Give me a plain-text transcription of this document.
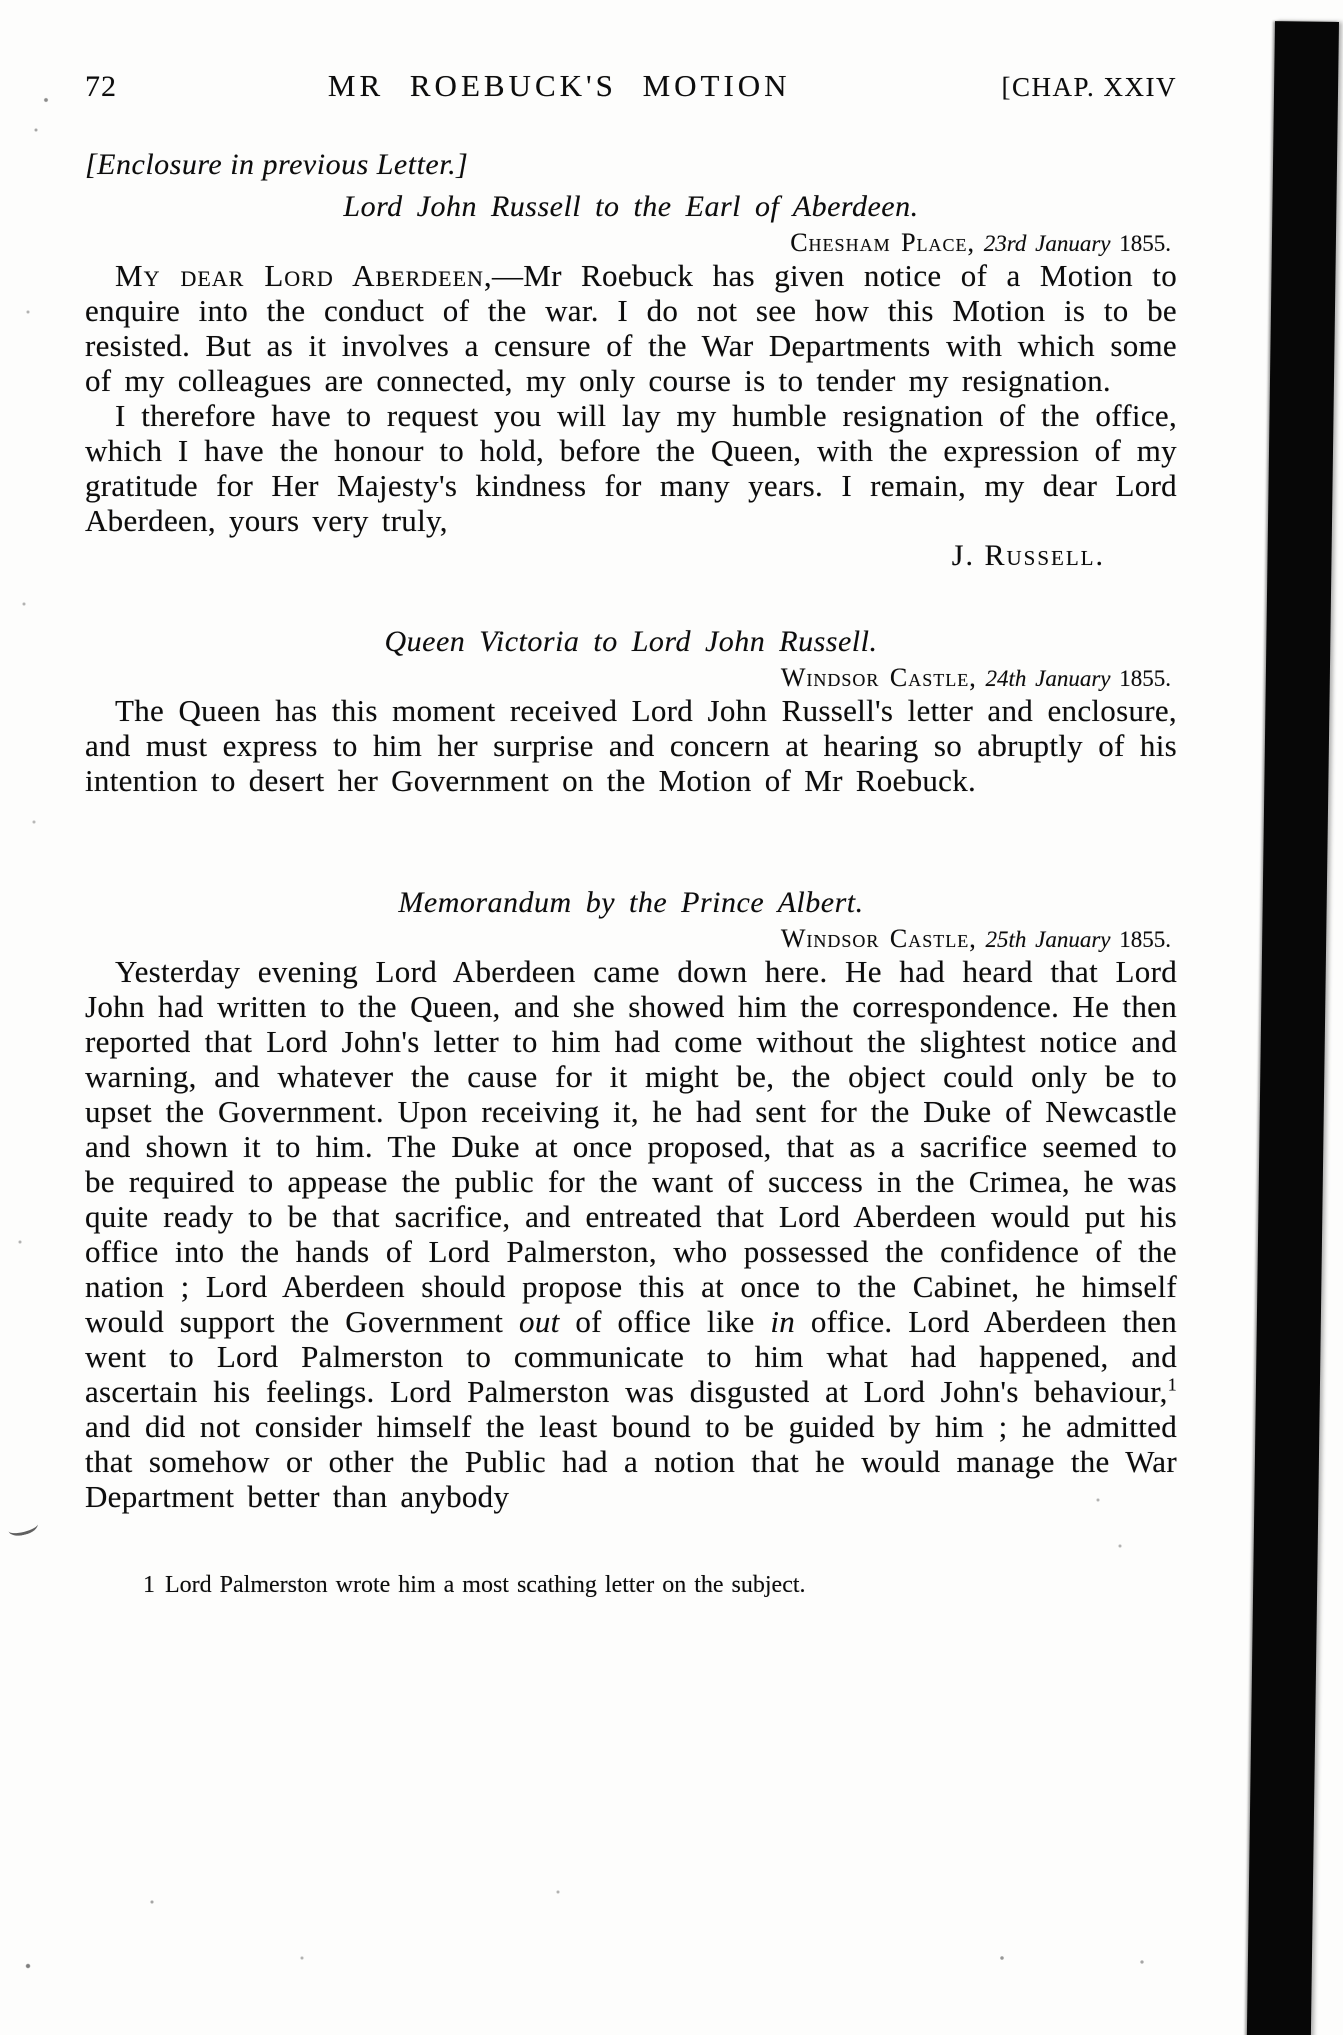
72	MR ROEBUCK'S MOTION	[CHAP. XXIV
[Enclosure in previous Letter.]
Lord John Russell to the Earl of Aberdeen.
Chesham Place, 23rd January 1855.

My dear Lord Aberdeen,—Mr Roebuck has given notice of a Motion to enquire into the conduct of the war. I do not see how this Motion is to be resisted. But as it involves a censure of the War Departments with which some of my colleagues are connected, my only course is to tender my resignation.

I therefore have to request you will lay my humble resignation of the office, which I have the honour to hold, before the Queen, with the expression of my gratitude for Her Majesty's kindness for many years. I remain, my dear Lord Aberdeen, yours very truly,

J. Russell.
Queen Victoria to Lord John Russell.
Windsor Castle, 24th January 1855.

The Queen has this moment received Lord John Russell's letter and enclosure, and must express to him her surprise and concern at hearing so abruptly of his intention to desert her Government on the Motion of Mr Roebuck.

Memorandum by the Prince Albert.
Windsor Castle, 25th January 1855.

Yesterday evening Lord Aberdeen came down here. He had heard that Lord John had written to the Queen, and she showed him the correspondence. He then reported that Lord John's letter to him had come without the slightest notice and warning, and whatever the cause for it might be, the object could only be to upset the Government. Upon receiving it, he had sent for the Duke of Newcastle and shown it to him. The Duke at once proposed, that as a sacrifice seemed to be required to appease the public for the want of success in the Crimea, he was quite ready to be that sacrifice, and entreated that Lord Aberdeen would put his office into the hands of Lord Palmerston, who possessed the confidence of the nation ; Lord Aberdeen should propose this at once to the Cabinet, he himself would support the Government out of office like in office. Lord Aberdeen then went to Lord Palmerston to communicate to him what had happened, and ascertain his feelings. Lord Palmerston was disgusted at Lord John's behaviour,$^1$ and did not consider himself the least bound to be guided by him ; he admitted that somehow or other the Public had a notion that he would manage the War Department better than anybody

1 Lord Palmerston wrote him a most scathing letter on the subject.
